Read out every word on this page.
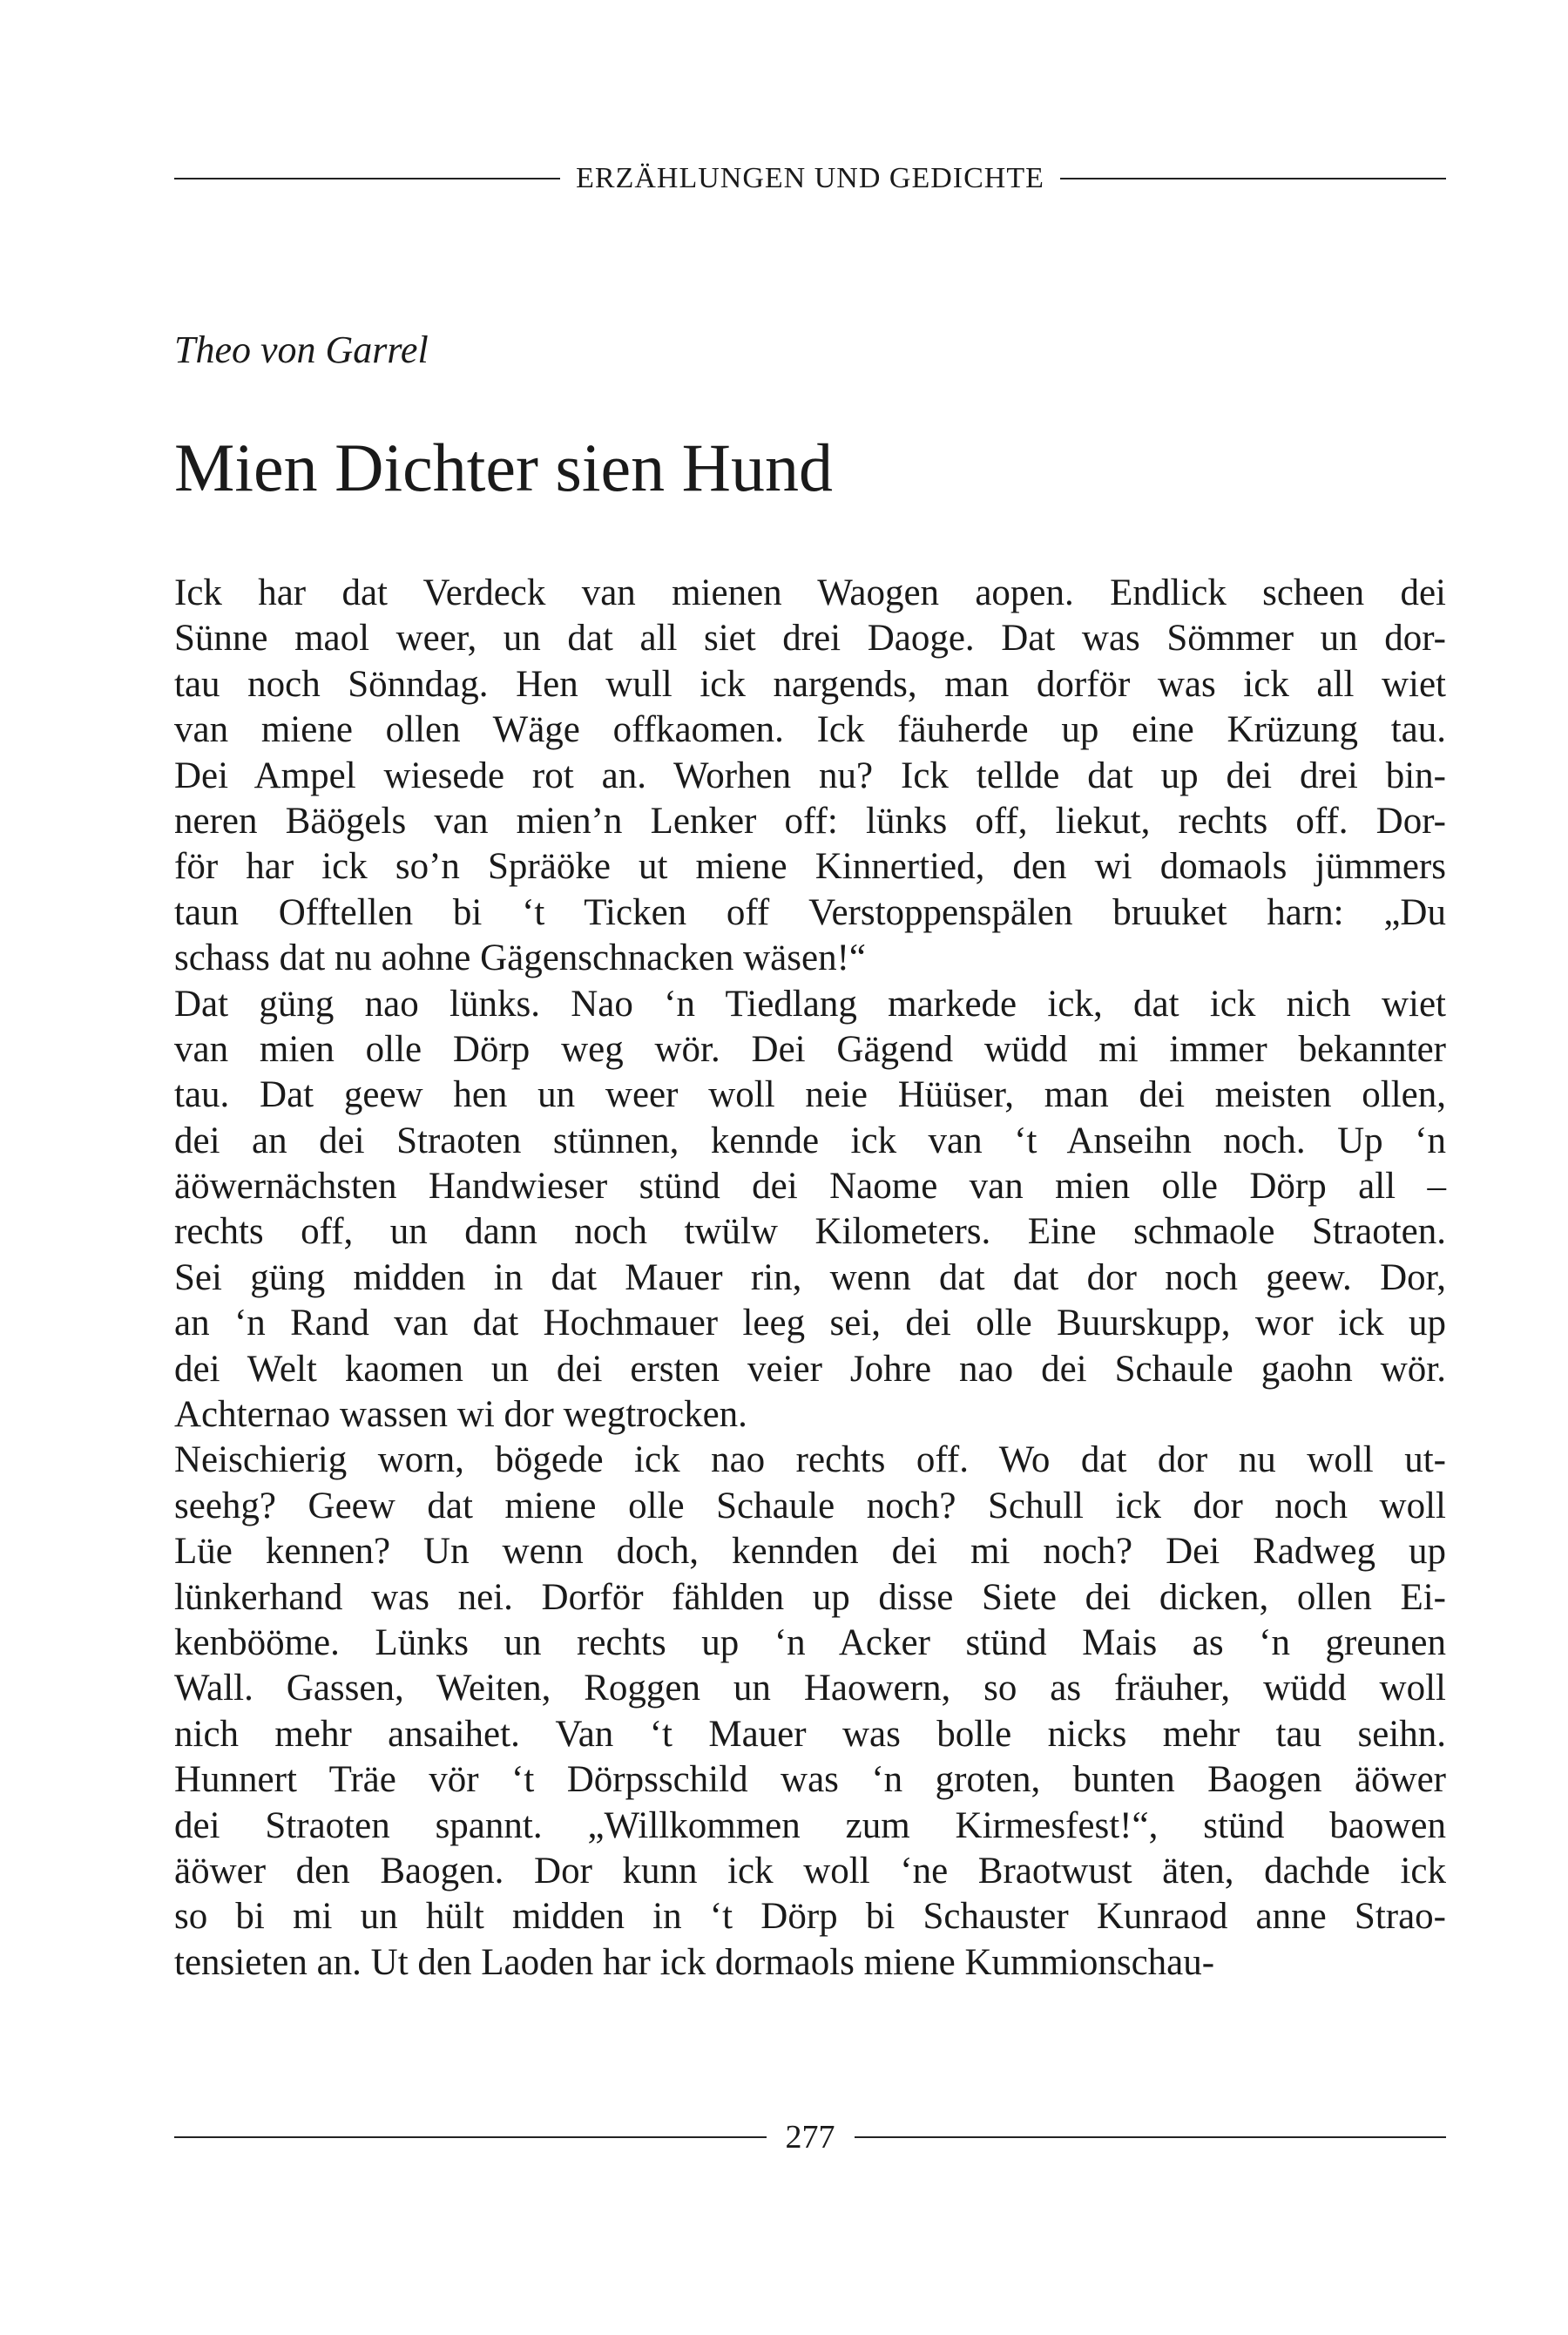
ERZÄHLUNGEN UND GEDICHTE
Theo von Garrel
Mien Dichter sien Hund
Ick har dat Verdeck van mienen Waogen aopen. Endlick scheen dei
Sünne maol weer, un dat all siet drei Daoge. Dat was Sömmer un dor-
tau noch Sönndag. Hen wull ick nargends, man dorför was ick all wiet
van miene ollen Wäge offkaomen. Ick fäuherde up eine Krüzung tau.
Dei Ampel wiesede rot an. Worhen nu? Ick tellde dat up dei drei bin-
neren Bäögels van mien’n Lenker off: lünks off, liekut, rechts off. Dor-
för har ick so’n Spräöke ut miene Kinnertied, den wi domaols jümmers
taun Offtellen bi ‘t Ticken off Verstoppenspälen bruuket harn: „Du
schass dat nu aohne Gägenschnacken wäsen!“
Dat güng nao lünks. Nao ‘n Tiedlang markede ick, dat ick nich wiet
van mien olle Dörp weg wör. Dei Gägend wüdd mi immer bekannter
tau. Dat geew hen un weer woll neie Hüüser, man dei meisten ollen,
dei an dei Straoten stünnen, kennde ick van ‘t Anseihn noch. Up ‘n
äöwernächsten Handwieser stünd dei Naome van mien olle Dörp all –
rechts off, un dann noch twülw Kilometers. Eine schmaole Straoten.
Sei güng midden in dat Mauer rin, wenn dat dat dor noch geew. Dor,
an ‘n Rand van dat Hochmauer leeg sei, dei olle Buurskupp, wor ick up
dei Welt kaomen un dei ersten veier Johre nao dei Schaule gaohn wör.
Achternao wassen wi dor wegtrocken.
Neischierig worn, bögede ick nao rechts off. Wo dat dor nu woll ut-
seehg? Geew dat miene olle Schaule noch? Schull ick dor noch woll
Lüe kennen? Un wenn doch, kennden dei mi noch? Dei Radweg up
lünkerhand was nei. Dorför fählden up disse Siete dei dicken, ollen Ei-
kenbööme. Lünks un rechts up ‘n Acker stünd Mais as ‘n greunen
Wall. Gassen, Weiten, Roggen un Haowern, so as fräuher, wüdd woll
nich mehr ansaihet. Van ‘t Mauer was bolle nicks mehr tau seihn.
Hunnert Träe vör ‘t Dörpsschild was ‘n groten, bunten Baogen äöwer
dei Straoten spannt. „Willkommen zum Kirmesfest!“, stünd baowen
äöwer den Baogen. Dor kunn ick woll ‘ne Braotwust äten, dachde ick
so bi mi un hült midden in ‘t Dörp bi Schauster Kunraod anne Strao-
tensieten an. Ut den Laoden har ick dormaols miene Kummionschau-
277
